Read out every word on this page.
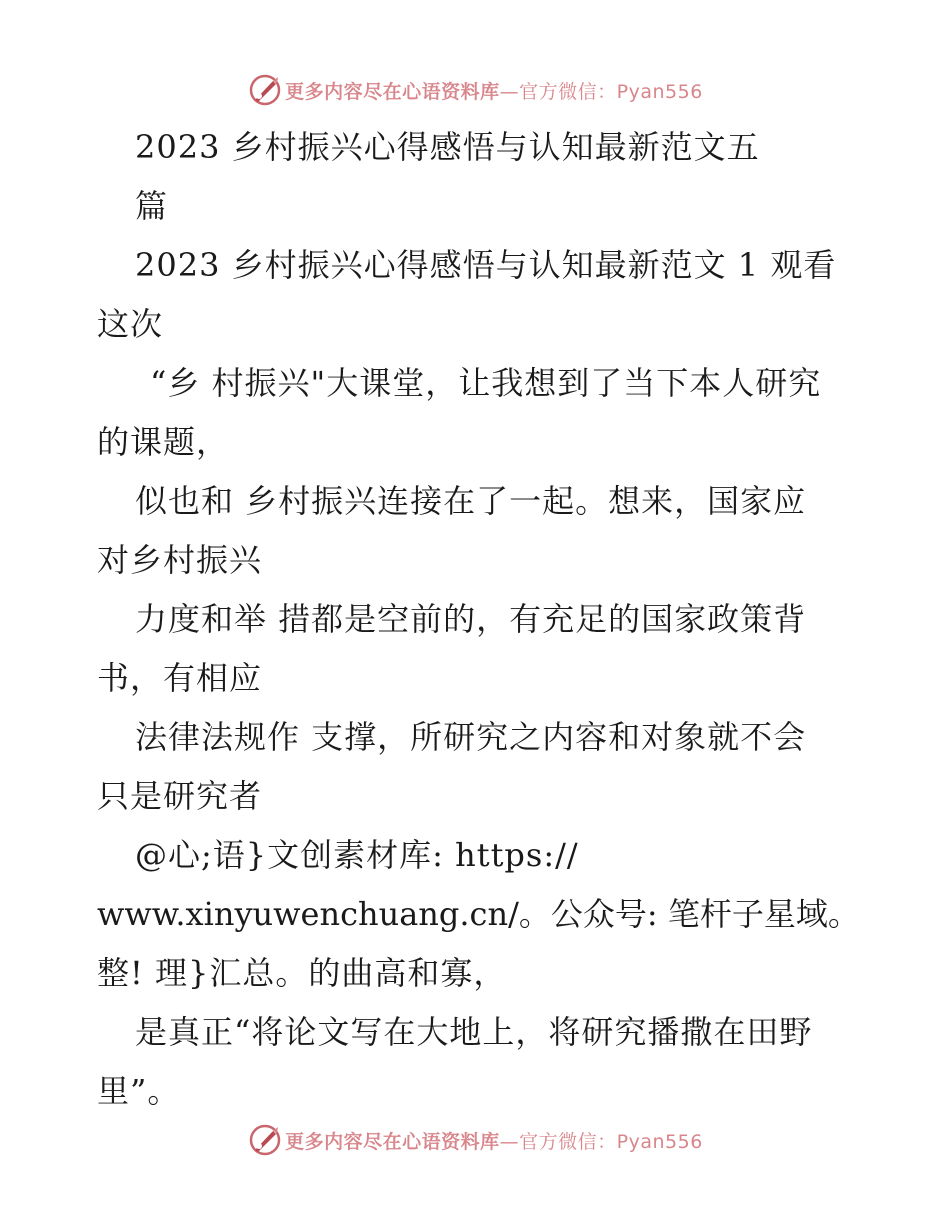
更多内容尽在心语资料库—官方微信：Pyan556
2023 乡村振兴心得感悟与认知最新范文五
篇
2023 乡村振兴心得感悟与认知最新范文 1 观看
这次
“乡 村振兴"大课堂，让我想到了当下本人研究
的课题，
似也和 乡村振兴连接在了一起。想来，国家应
对乡村振兴
力度和举 措都是空前的，有充足的国家政策背
书，有相应
法律法规作 支撑，所研究之内容和对象就不会
只是研究者
@心;语}文创素材库: https://
www.xinyuwenchuang.cn/。公众号: 笔杆子星域。
整! 理}汇总。的曲高和寡，
是真正“将论文写在大地上，将研究播撒在田野
里”。
更多内容尽在心语资料库—官方微信：Pyan556
